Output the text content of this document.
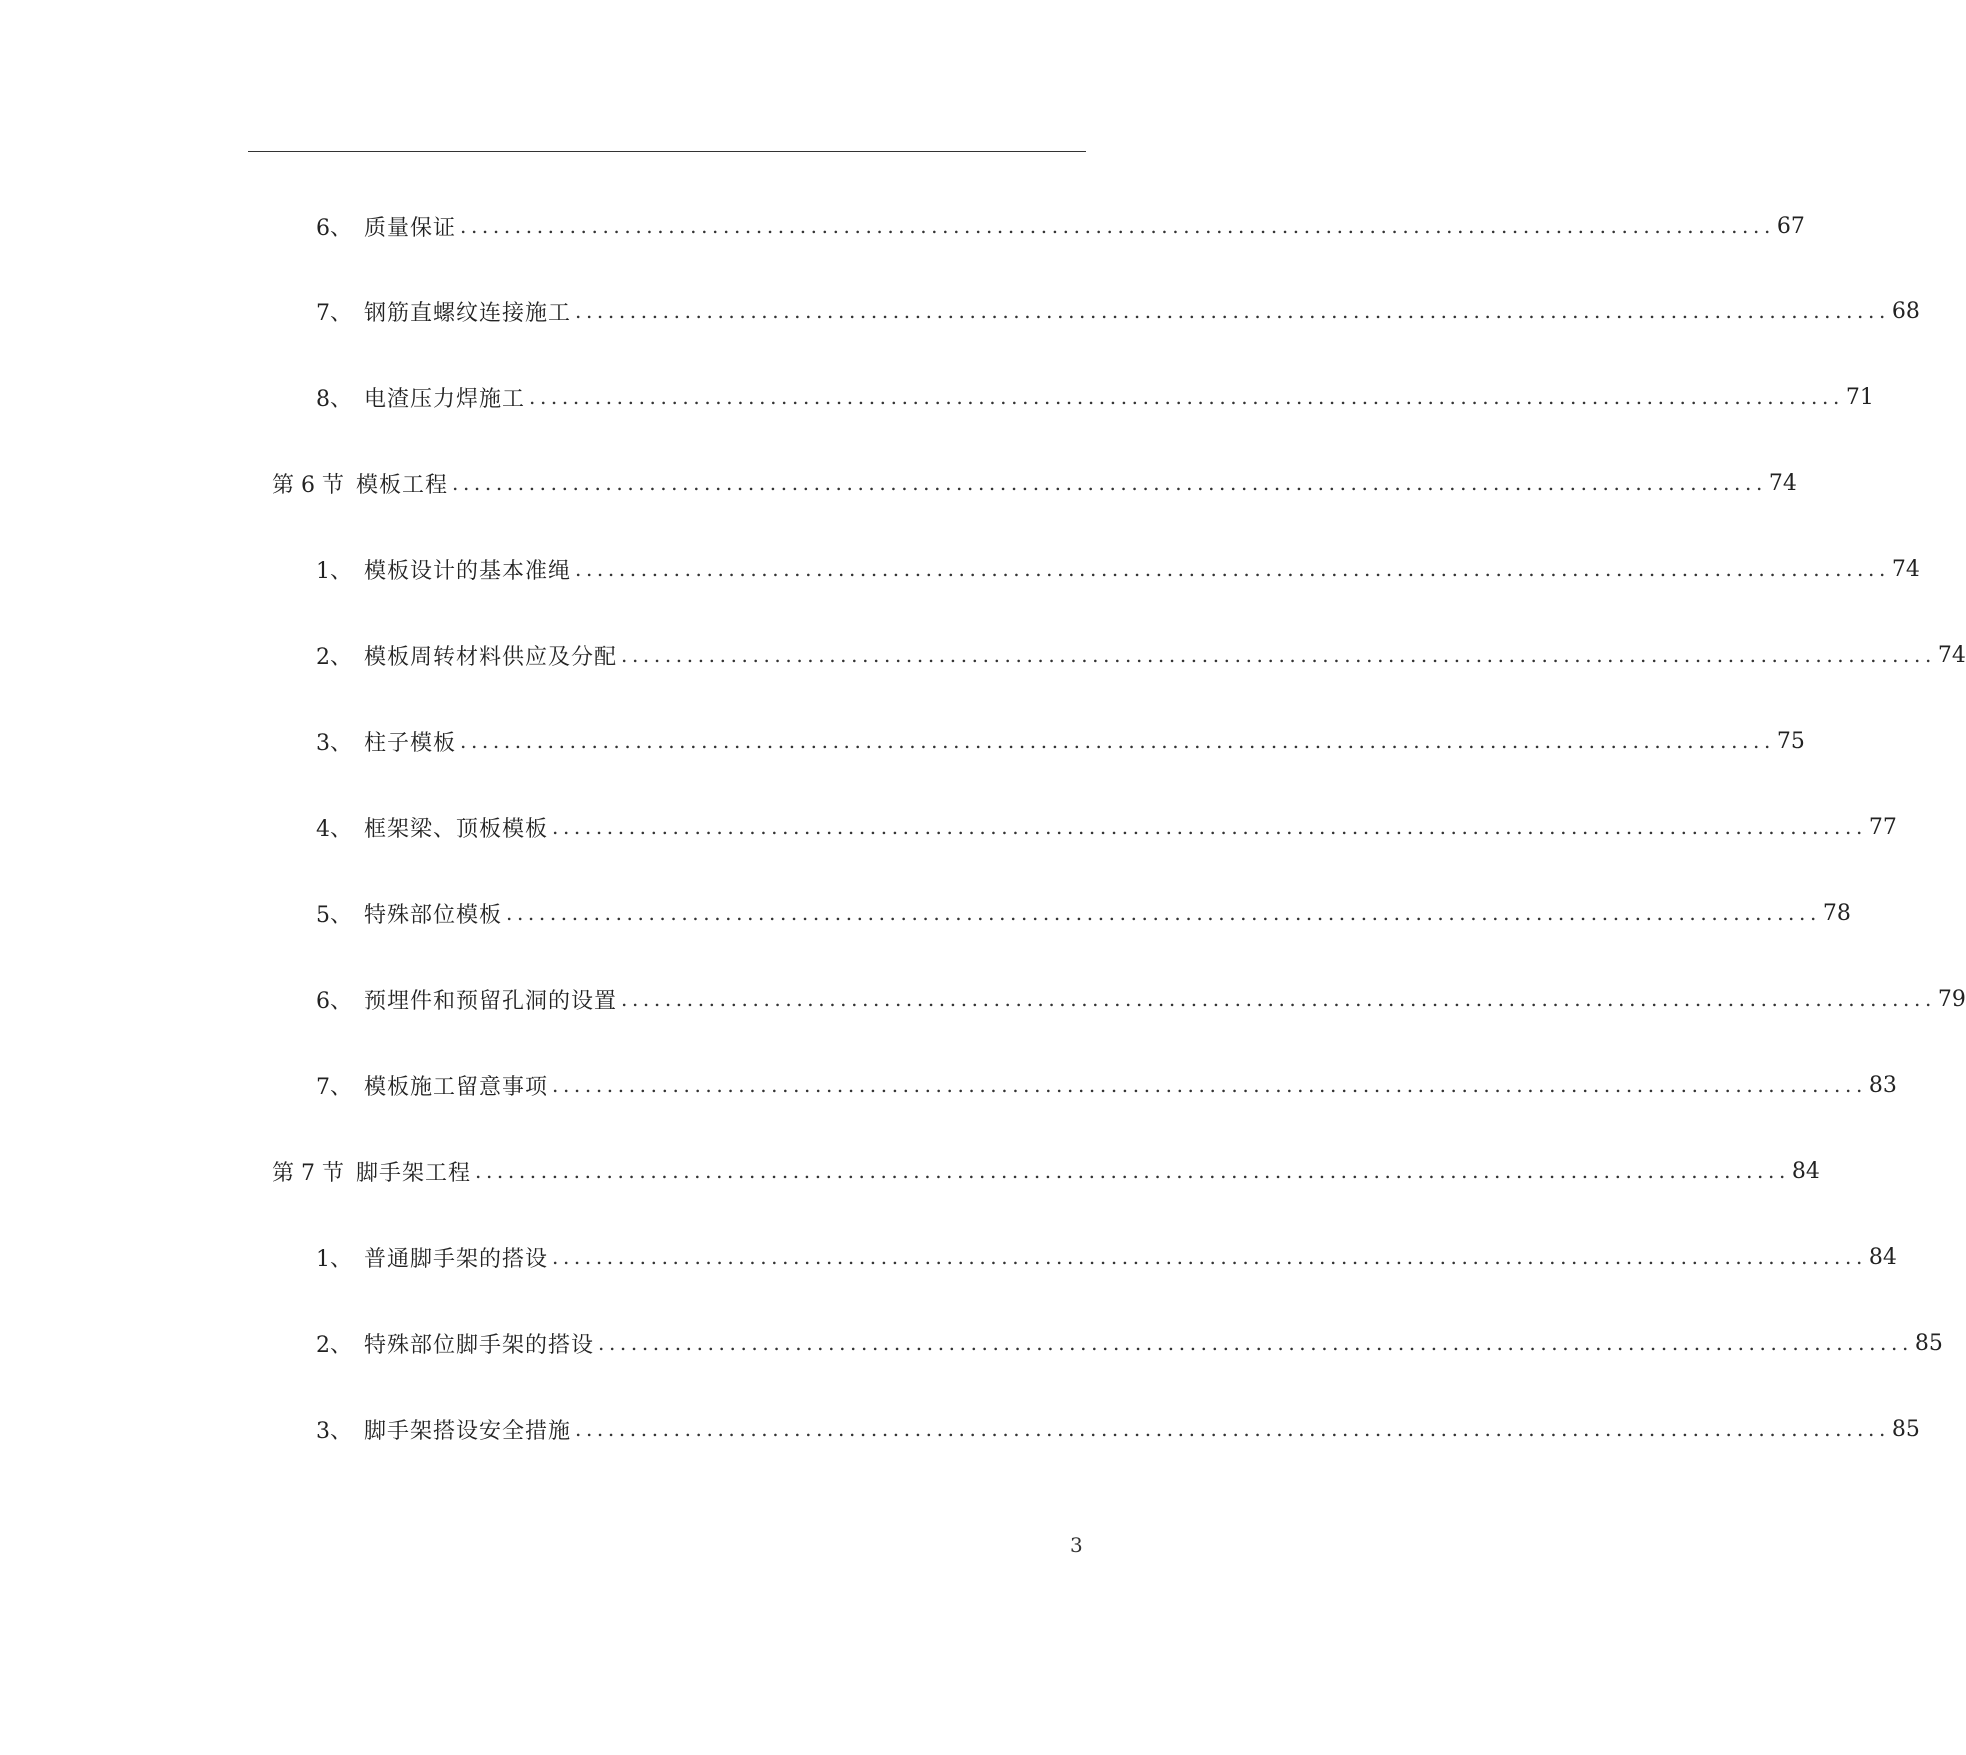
6、 质量保证 ........................................................................................................................ 67
7、 钢筋直螺纹连接施工 ........................................................................................................................ 68
8、 电渣压力焊施工 ........................................................................................................................ 71
第 6 节 模板工程 ........................................................................................................................ 74
1、 模板设计的基本准绳 ........................................................................................................................ 74
2、 模板周转材料供应及分配 ........................................................................................................................ 74
3、 柱子模板 ........................................................................................................................ 75
4、 框架梁、顶板模板 ........................................................................................................................ 77
5、 特殊部位模板 ........................................................................................................................ 78
6、 预埋件和预留孔洞的设置 ........................................................................................................................ 79
7、 模板施工留意事项 ........................................................................................................................ 83
第 7 节 脚手架工程 ........................................................................................................................ 84
1、 普通脚手架的搭设 ........................................................................................................................ 84
2、 特殊部位脚手架的搭设 ........................................................................................................................ 85
3、 脚手架搭设安全措施 ........................................................................................................................ 85
3
